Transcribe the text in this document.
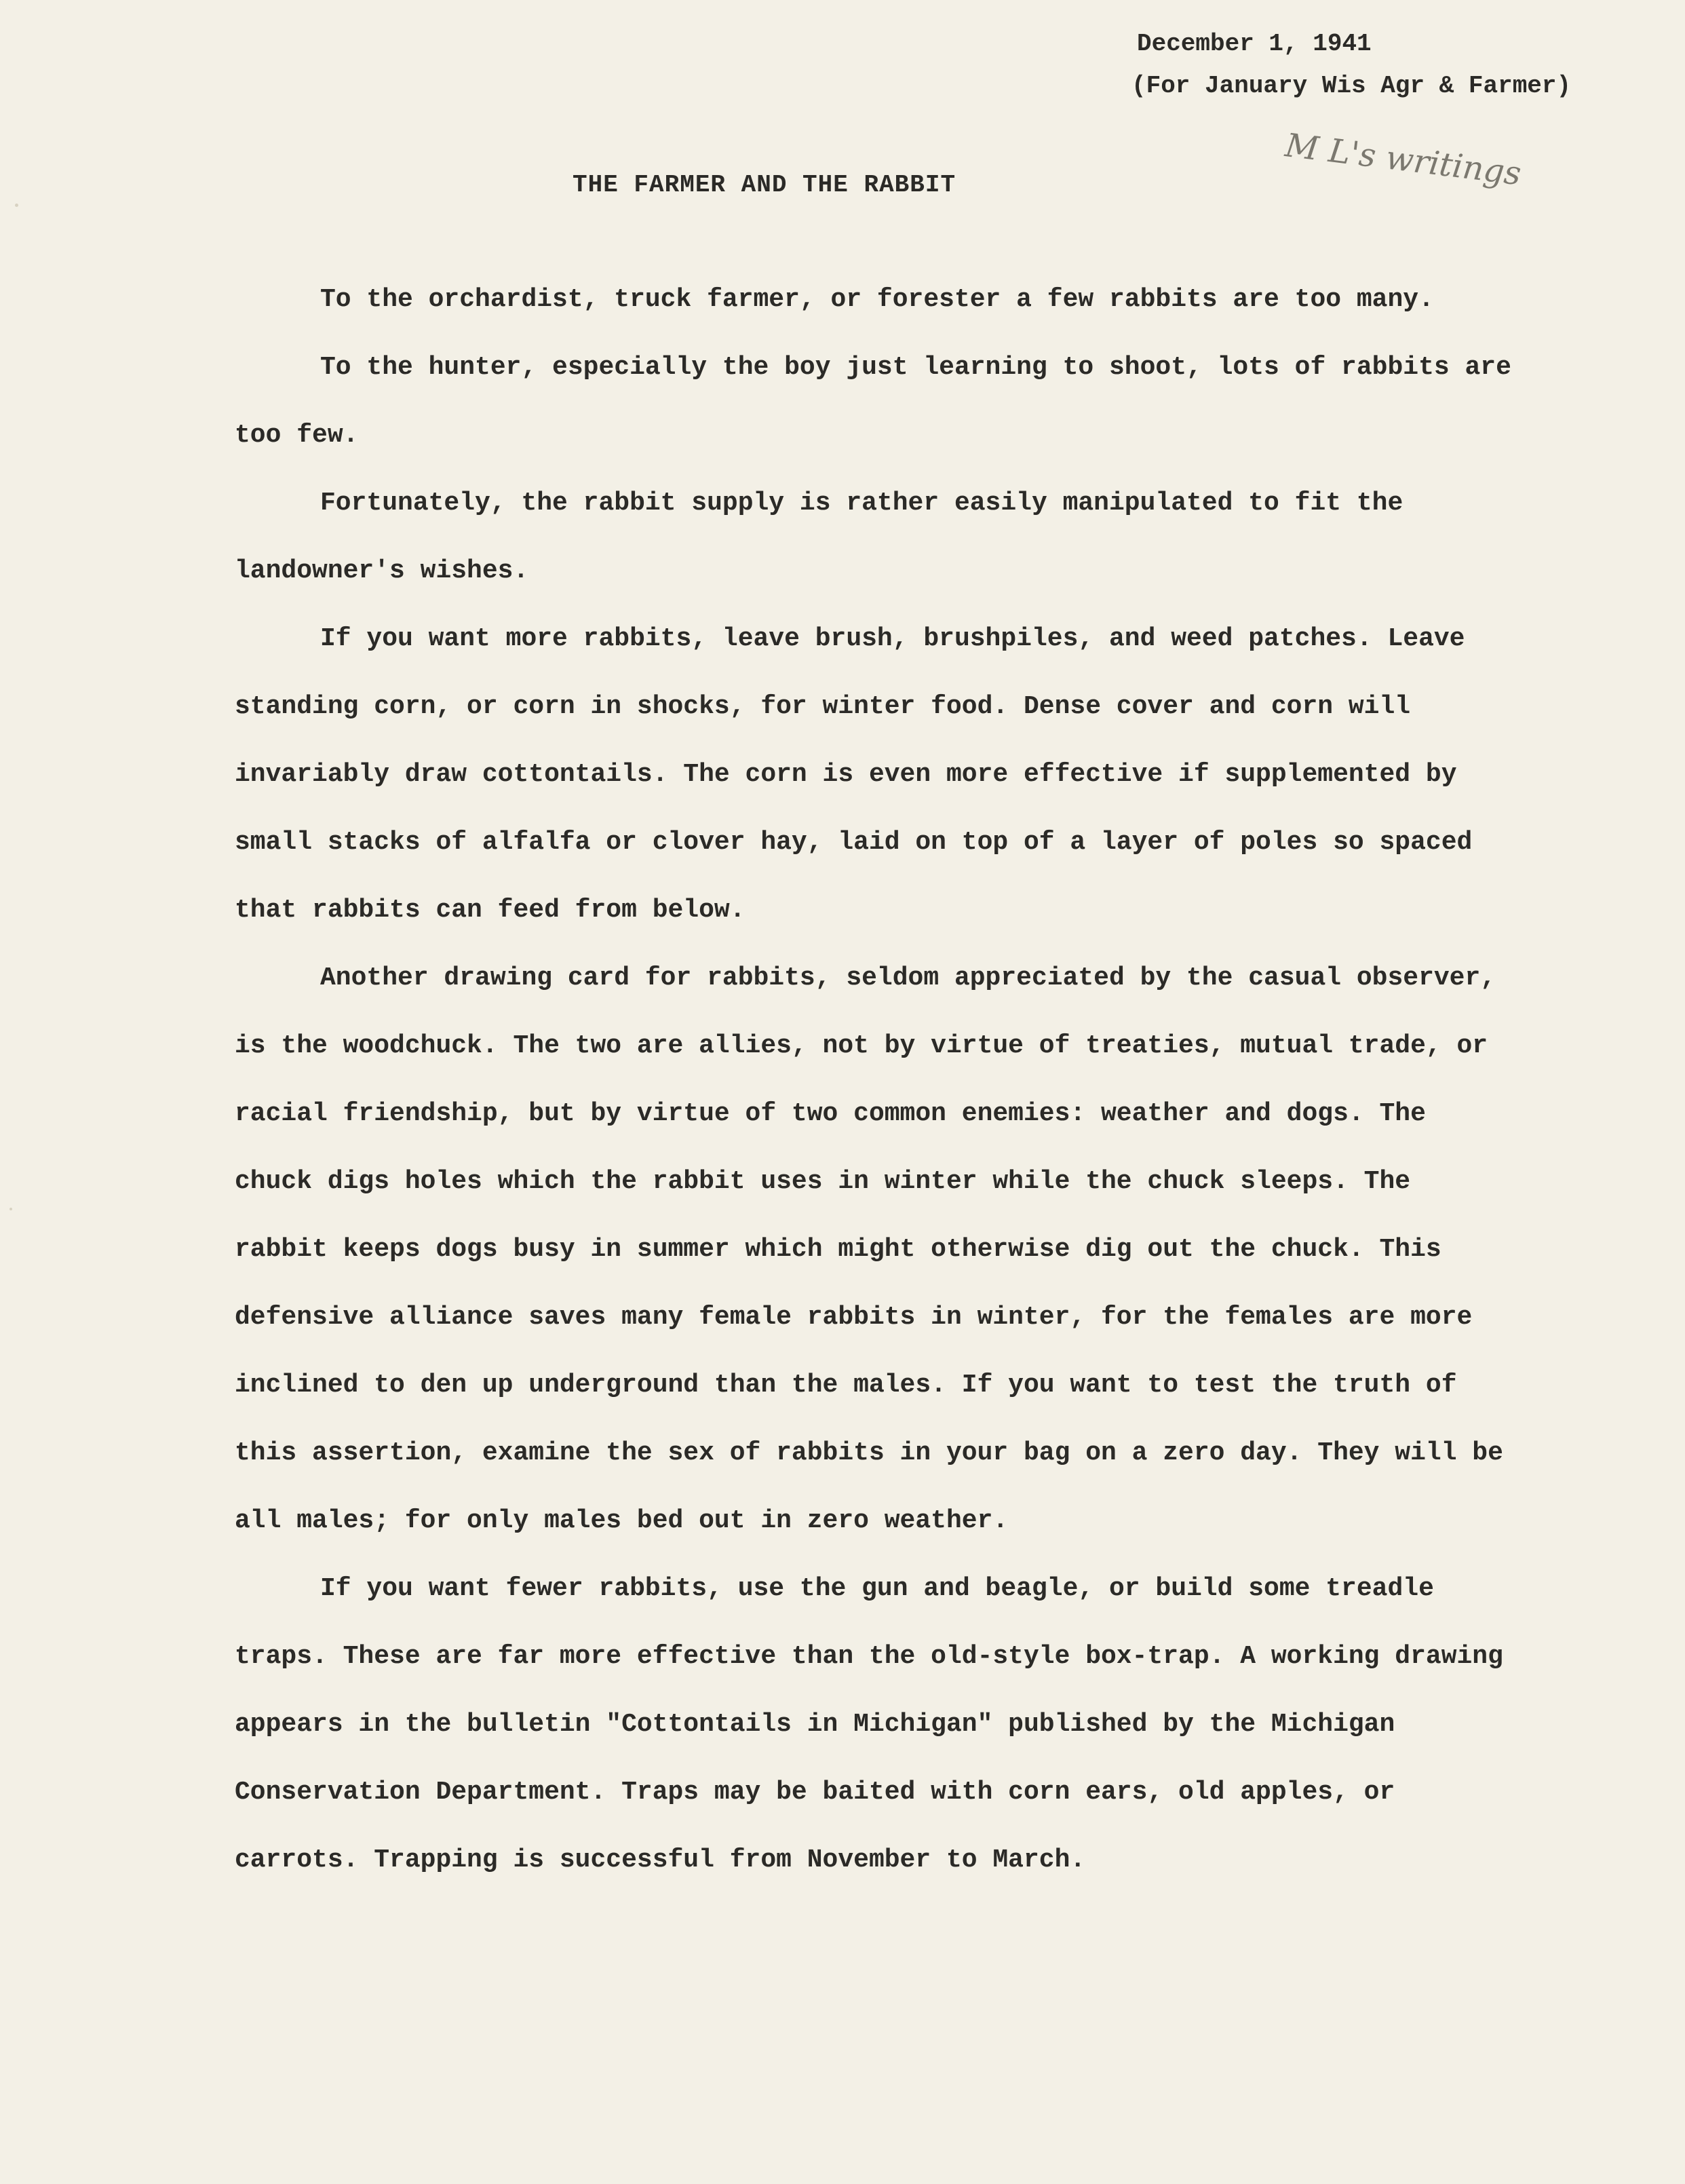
December 1, 1941
(For January Wis Agr & Farmer)
M L's writings
THE FARMER AND THE RABBIT

To the orchardist, truck farmer, or forester a few rabbits are too many.

To the hunter, especially the boy just learning to shoot, lots of rabbits are too few.

Fortunately, the rabbit supply is rather easily manipulated to fit the landowner's wishes.

If you want more rabbits, leave brush, brushpiles, and weed patches. Leave standing corn, or corn in shocks, for winter food. Dense cover and corn will invariably draw cottontails. The corn is even more effective if supplemented by small stacks of alfalfa or clover hay, laid on top of a layer of poles so spaced that rabbits can feed from below.

Another drawing card for rabbits, seldom appreciated by the casual observer, is the woodchuck. The two are allies, not by virtue of treaties, mutual trade, or racial friendship, but by virtue of two common enemies: weather and dogs. The chuck digs holes which the rabbit uses in winter while the chuck sleeps. The rabbit keeps dogs busy in summer which might otherwise dig out the chuck. This defensive alliance saves many female rabbits in winter, for the females are more inclined to den up underground than the males. If you want to test the truth of this assertion, examine the sex of rabbits in your bag on a zero day. They will be all males; for only males bed out in zero weather.

If you want fewer rabbits, use the gun and beagle, or build some treadle traps. These are far more effective than the old-style box-trap. A working drawing appears in the bulletin "Cottontails in Michigan" published by the Michigan Conservation Department. Traps may be baited with corn ears, old apples, or carrots. Trapping is successful from November to March.
